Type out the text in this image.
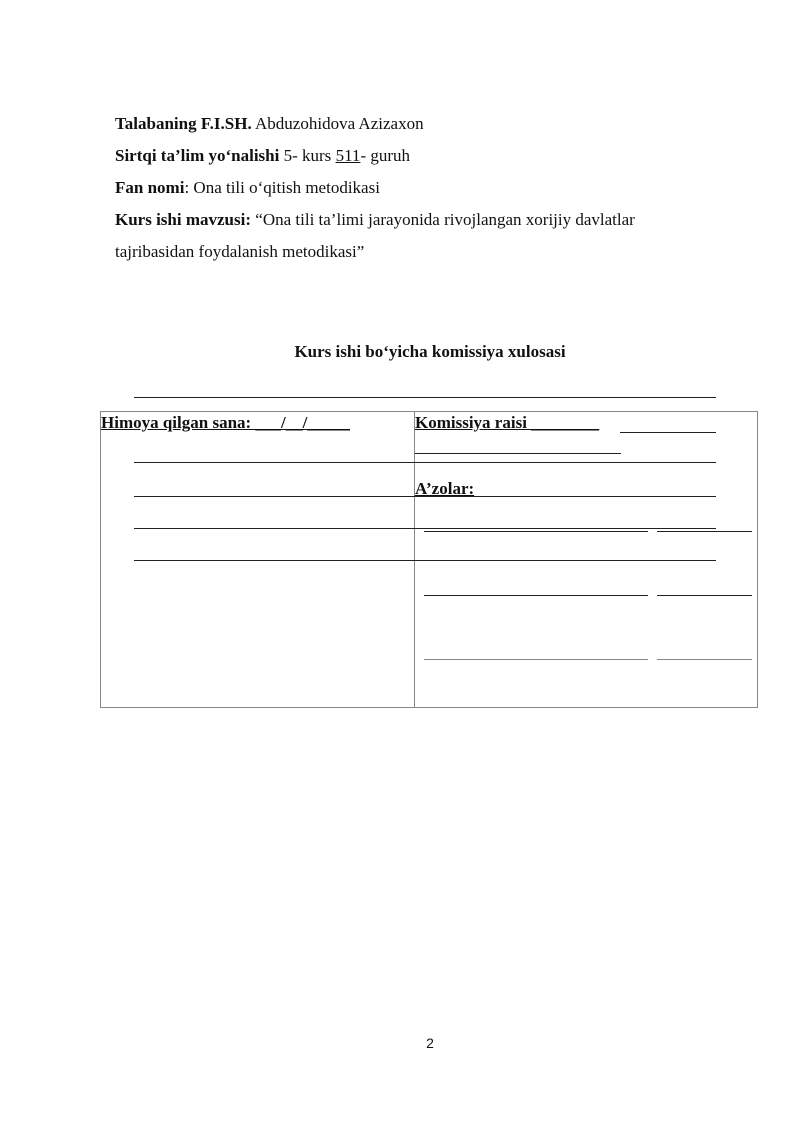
Talabaning F.I.SH. Abduzohidova Azizaxon

Sirtqi ta’lim yo‘nalishi 5- kurs 511- guruh

Fan nomi: Ona tili o‘qitish metodikasi

Kurs ishi mavzusi: “Ona tili ta’limi jarayonida rivojlangan xorijiy davlatlar

tajribasidan foydalanish metodikasi”

Kurs ishi bo‘yicha komissiya xulosasi
Himoya qilgan sana: ___/__/_____	Komissiya raisi ________
A’zolar:
2
